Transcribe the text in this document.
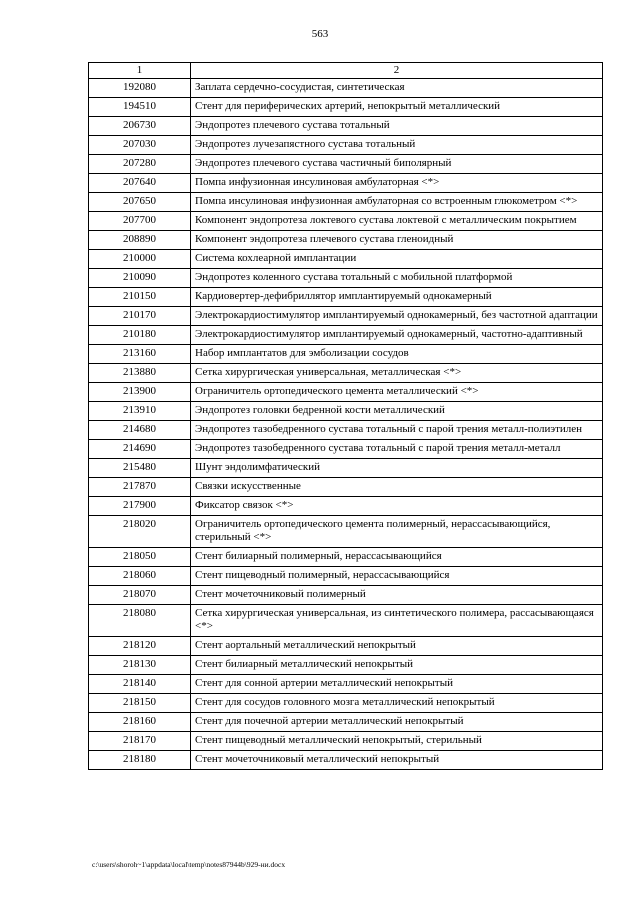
563
1	2
192080	Заплата сердечно-сосудистая, синтетическая
194510	Стент для периферических артерий, непокрытый металлический
206730	Эндопротез плечевого сустава тотальный
207030	Эндопротез лучезапястного сустава тотальный
207280	Эндопротез плечевого сустава частичный биполярный
207640	Помпа инфузионная инсулиновая амбулаторная <*>
207650	Помпа инсулиновая инфузионная амбулаторная со встроенным глюкометром <*>
207700	Компонент эндопротеза локтевого сустава локтевой с металлическим покрытием
208890	Компонент эндопротеза плечевого сустава гленоидный
210000	Система кохлеарной имплантации
210090	Эндопротез коленного сустава тотальный с мобильной платформой
210150	Кардиовертер-дефибриллятор имплантируемый однокамерный
210170	Электрокардиостимулятор имплантируемый однокамерный, без частотной адаптации
210180	Электрокардиостимулятор имплантируемый однокамерный, частотно-адаптивный
213160	Набор имплантатов для эмболизации сосудов
213880	Сетка хирургическая универсальная, металлическая <*>
213900	Ограничитель ортопедического цемента металлический <*>
213910	Эндопротез головки бедренной кости металлический
214680	Эндопротез тазобедренного сустава тотальный с парой трения металл-полиэтилен
214690	Эндопротез тазобедренного сустава тотальный с парой трения металл-металл
215480	Шунт эндолимфатический
217870	Связки искусственные
217900	Фиксатор связок <*>
218020	Ограничитель ортопедического цемента полимерный, нерассасывающийся, стерильный <*>
218050	Стент билиарный полимерный, нерассасывающийся
218060	Стент пищеводный полимерный, нерассасывающийся
218070	Стент мочеточниковый полимерный
218080	Сетка хирургическая универсальная, из синтетического полимера, рассасывающаяся <*>
218120	Стент аортальный металлический непокрытый
218130	Стент билиарный металлический непокрытый
218140	Стент для сонной артерии металлический непокрытый
218150	Стент для сосудов головного мозга металлический непокрытый
218160	Стент для почечной артерии металлический непокрытый
218170	Стент пищеводный металлический непокрытый, стерильный
218180	Стент мочеточниковый металлический непокрытый
c:\users\shoroh~1\appdata\local\temp\notes87944b\929-ни.docx
